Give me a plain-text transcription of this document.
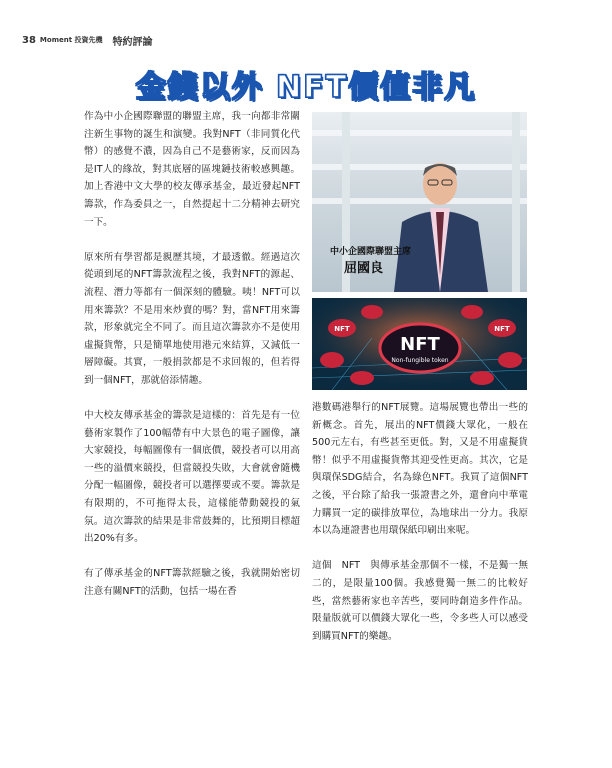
38 Moment 投資先機 特約評論
金錢以外 NFT價值非凡

作為中小企國際聯盟的聯盟主席，我一向都非常關注新生事物的誕生和演變。我對NFT（非同質化代幣）的感覺不濃，因為自己不是藝術家，反而因為是IT人的緣故，對其底層的區塊鏈技術較感興趣。加上香港中文大學的校友傳承基金，最近發起NFT籌款，作為委員之一，自然提起十二分精神去研究一下。

原來所有學習都是親歷其境，才最透徹。經過這次從頭到尾的NFT籌款流程之後，我對NFT的源起、流程、潛力等都有一個深刻的體驗。咦！NFT可以用來籌款？不是用來炒賣的嗎？對，當NFT用來籌款，形象就完全不同了。而且這次籌款亦不是使用虛擬貨幣，只是簡單地使用港元來結算，又減低一層障礙。其實，一般捐款都是不求回報的，但若得到一個NFT，那就倍添情趣。

中大校友傳承基金的籌款是這樣的：首先是有一位藝術家製作了100幅帶有中大景色的電子圖像，讓大家競投，每幅圖像有一個底價，競投者可以用高一些的溢價來競投，但當競投失敗，大會就會隨機分配一幅圖像，競投者可以選擇要或不要。籌款是有限期的，不可拖得太長，這樣能帶動競投的氣氛。這次籌款的結果是非常鼓舞的，比預期目標超出20%有多。

有了傳承基金的NFT籌款經驗之後，我就開始密切注意有關NFT的活動，包括一場在香

中小企國際聯盟主席
屈國良
NFT
Non-fungible token
NFT	NFT

港數碼港舉行的NFT展覽。這場展覽也帶出一些的新概念。首先，展出的NFT價錢大眾化，一般在500元左右，有些甚至更低。對，又是不用虛擬貨幣！似乎不用虛擬貨幣其迎受性更高。其次，它是與環保SDG結合，名為綠色NFT。我買了這個NFT之後，平台除了給我一張證書之外，還會向中華電力購買一定的碳排放單位，為地球出一分力。我原本以為連證書也用環保紙印刷出來呢。

這個　NFT　與傳承基金那個不一樣，不是獨一無二的，是限量100個。我感覺獨一無二的比較好些，當然藝術家也辛苦些，要同時創造多件作品。限量版就可以價錢大眾化一些，令多些人可以感受到購買NFT的樂趣。
